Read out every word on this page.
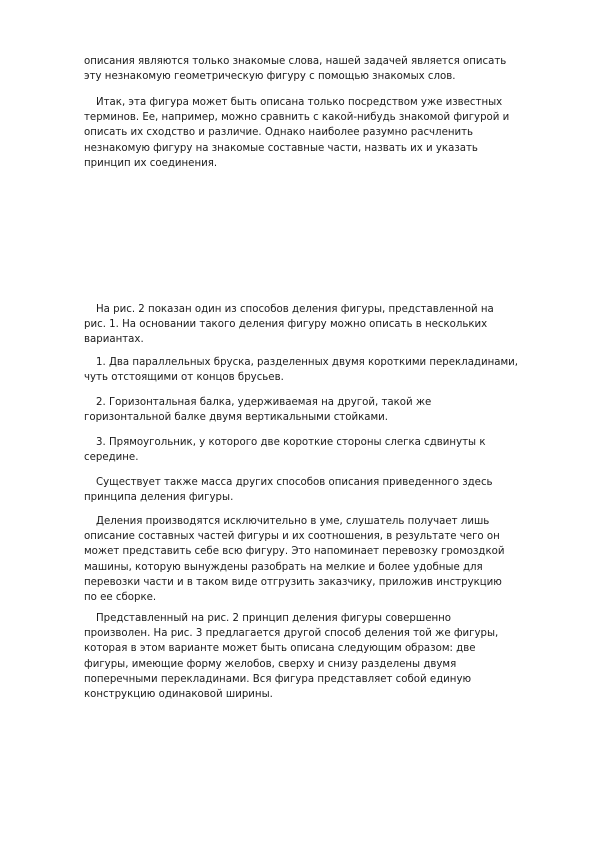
описания являются только знакомые слова, нашей задачей является описать
эту незнакомую геометрическую фигуру с помощью знакомых слов.
Итак, эта фигура может быть описана только посредством уже известных
терминов. Ее, например, можно сравнить с какой-нибудь знакомой фигурой и
описать их сходство и различие. Однако наиболее разумно расчленить
незнакомую фигуру на знакомые составные части, назвать их и указать
принцип их соединения.
На рис. 2 показан один из способов деления фигуры, представленной на
рис. 1. На основании такого деления фигуру можно описать в нескольких
вариантах.
1. Два параллельных бруска, разделенных двумя короткими перекладинами,
чуть отстоящими от концов брусьев.
2. Горизонтальная балка, удерживаемая на другой, такой же
горизонтальной балке двумя вертикальными стойками.
3. Прямоугольник, у которого две короткие стороны слегка сдвинуты к
середине.
Существует также масса других способов описания приведенного здесь
принципа деления фигуры.
Деления производятся исключительно в уме, слушатель получает лишь
описание составных частей фигуры и их соотношения, в результате чего он
может представить себе всю фигуру. Это напоминает перевозку громоздкой
машины, которую вынуждены разобрать на мелкие и более удобные для
перевозки части и в таком виде отгрузить заказчику, приложив инструкцию
по ее сборке.
Представленный на рис. 2 принцип деления фигуры совершенно
произволен. На рис. 3 предлагается другой способ деления той же фигуры,
которая в этом варианте может быть описана следующим образом: две
фигуры, имеющие форму желобов, сверху и снизу разделены двумя
поперечными перекладинами. Вся фигура представляет собой единую
конструкцию одинаковой ширины.
